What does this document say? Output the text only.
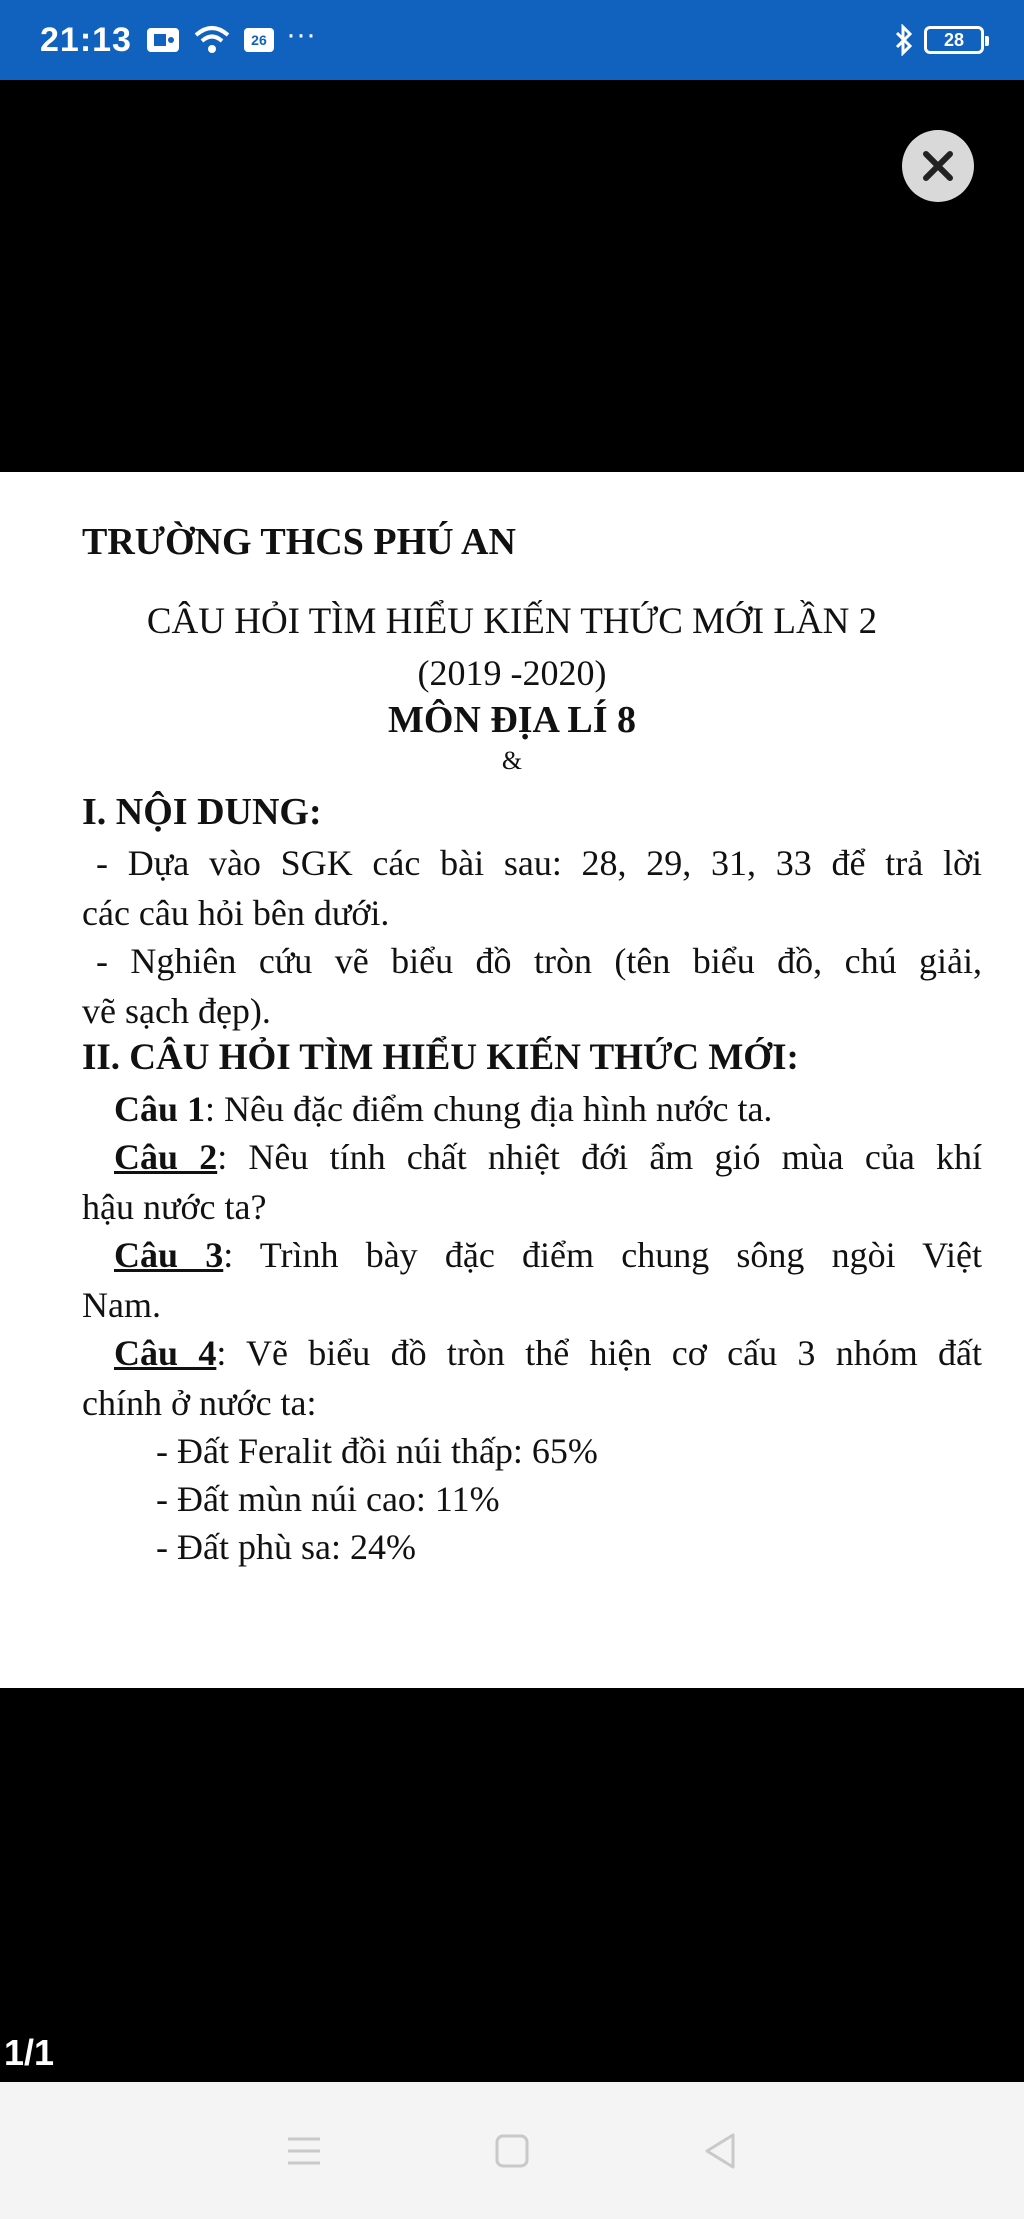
21:13	26 ···	28
TRƯỜNG THCS PHÚ AN
CÂU HỎI TÌM HIỂU KIẾN THỨC MỚI LẦN 2
(2019 -2020)
MÔN ĐỊA LÍ 8
&
I. NỘI DUNG:
- Dựa vào SGK các bài sau: 28, 29, 31, 33 để trả lời
các câu hỏi bên dưới.
- Nghiên cứu vẽ biểu đồ tròn (tên biểu đồ, chú giải,
vẽ sạch đẹp).
II. CÂU HỎI TÌM HIỂU KIẾN THỨC MỚI:
Câu 1: Nêu đặc điểm chung địa hình nước ta.
Câu 2: Nêu tính chất nhiệt đới ẩm gió mùa của khí
hậu nước ta?
Câu 3: Trình bày đặc điểm chung sông ngòi Việt
Nam.
Câu 4: Vẽ biểu đồ tròn thể hiện cơ cấu 3 nhóm đất
chính ở nước ta:
- Đất Feralit đồi núi thấp: 65%
- Đất mùn núi cao: 11%
- Đất phù sa: 24%
1/1
